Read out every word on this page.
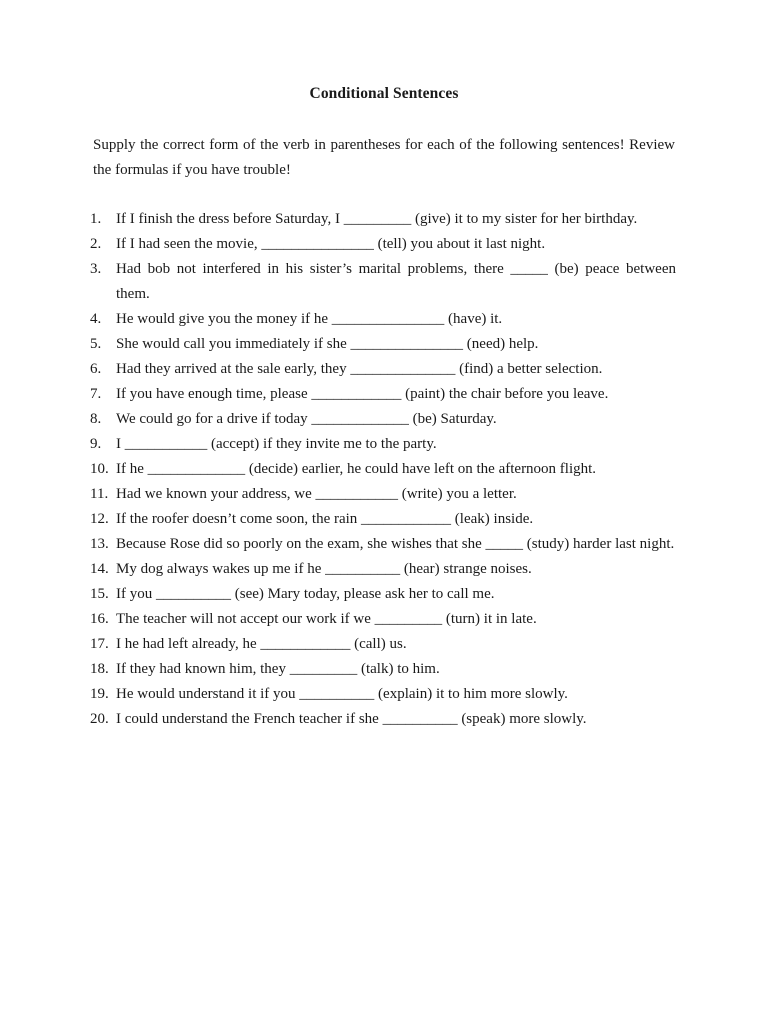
Conditional Sentences
Supply the correct form of the verb in parentheses for each of the following sentences! Review the formulas if you have trouble!
1. If I finish the dress before Saturday, I _________ (give) it to my sister for her birthday.
2. If I had seen the movie, _______________ (tell) you about it last night.
3. Had bob not interfered in his sister’s marital problems, there _____ (be) peace between them.
4. He would give you the money if he _______________ (have) it.
5. She would call you immediately if she _______________ (need) help.
6. Had they arrived at the sale early, they ______________ (find) a better selection.
7. If you have enough time, please ____________ (paint) the chair before you leave.
8. We could go for a drive if today _____________ (be) Saturday.
9. I ___________ (accept) if they invite me to the party.
10. If he _____________ (decide) earlier, he could have left on the afternoon flight.
11. Had we known your address, we ___________ (write) you a letter.
12. If the roofer doesn’t come soon, the rain ____________ (leak) inside.
13. Because Rose did so poorly on the exam, she wishes that she _____ (study) harder last night.
14. My dog always wakes up me if he __________ (hear) strange noises.
15. If you __________ (see) Mary today, please ask her to call me.
16. The teacher will not accept our work if we _________ (turn) it in late.
17. I he had left already, he ____________ (call) us.
18. If they had known him, they _________ (talk) to him.
19. He would understand it if you __________ (explain) it to him more slowly.
20. I could understand the French teacher if she __________ (speak) more slowly.
